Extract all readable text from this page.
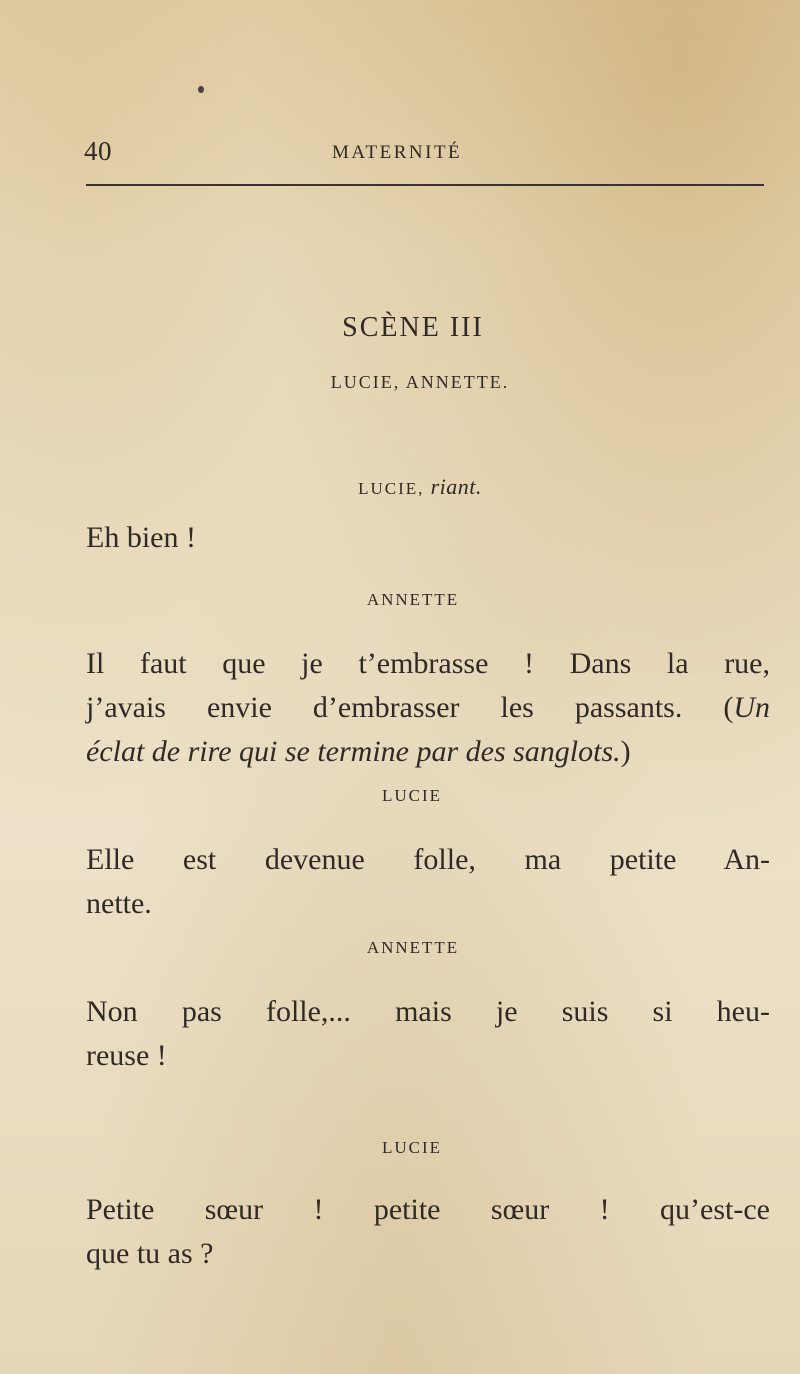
40	MATERNITÉ
SCÈNE III
LUCIE, ANNETTE.
LUCIE, riant.

Eh bien !

ANNETTE

Il faut que je t’embrasse ! Dans la rue,
j’avais envie d’embrasser les passants. (Un
éclat de rire qui se termine par des sanglots.)

LUCIE

Elle est devenue folle, ma petite An-
nette.

ANNETTE

Non pas folle,... mais je suis si heu-
reuse !

LUCIE

Petite sœur ! petite sœur ! qu’est-ce
que tu as ?
